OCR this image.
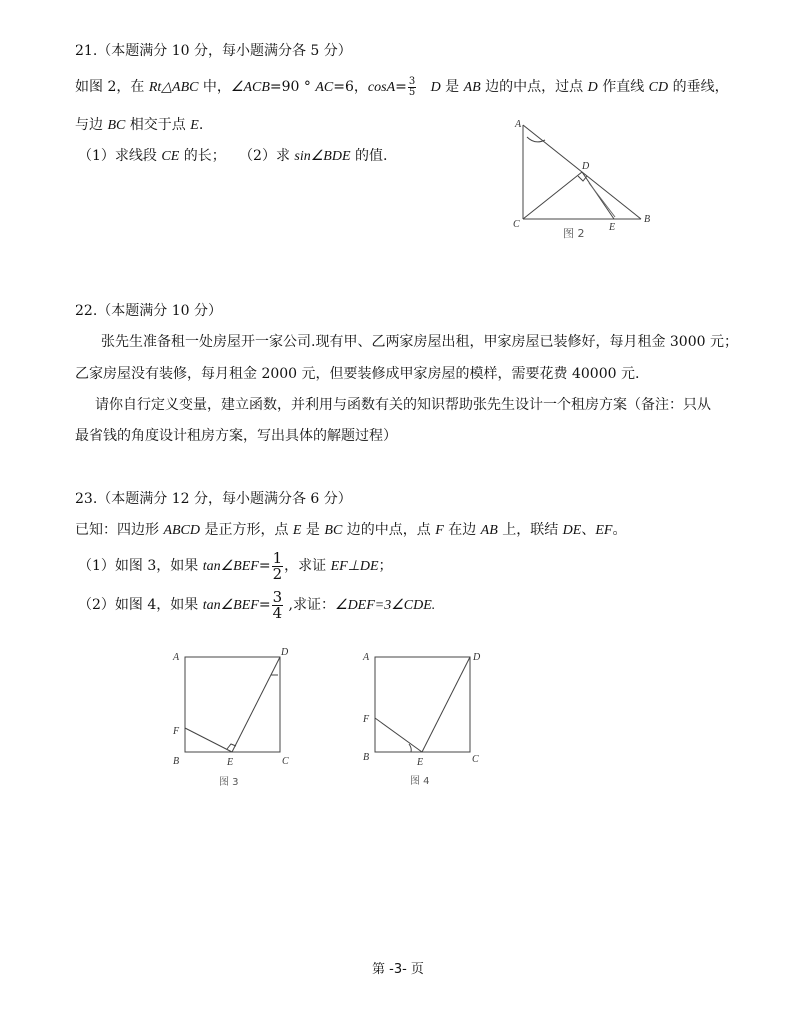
21.（本题满分 10 分，每小题满分各 5 分）
如图 2，在 Rt△ABC 中，∠ACB=90 ° AC=6，$\cos A= \frac{3}{5}$ D 是 AB 边的中点，过点 D 作直线 CD 的垂线，
与边 BC 相交于点 E.
（1）求线段 CE 的长； （2）求 sin∠BDE 的值.
A
D
C	E
B
图 2
22.（本题满分 10 分）
张先生准备租一处房屋开一家公司.现有甲、乙两家房屋出租，甲家房屋已装修好，每月租金 3000 元；
乙家房屋没有装修，每月租金 2000 元，但要装修成甲家房屋的模样，需要花费 40000 元.
请你自行定义变量，建立函数，并利用与函数有关的知识帮助张先生设计一个租房方案（备注：只从
最省钱的角度设计租房方案，写出具体的解题过程）
23.（本题满分 12 分，每小题满分各 6 分）
已知：四边形 ABCD 是正方形，点 E 是 BC 边的中点，点 F 在边 AB 上，联结 DE、EF。
（1）如图 3，如果 tan∠BEF= $\frac{1}{2}$ ，求证 EF⊥DE；
（2）如图 4，如果 tan∠BEF= $\frac{3}{4}$ ,求证：∠DEF=3∠CDE.
A	D
F
B	E	C
图 3
A	D
F
B	E	C
图 4
第 -3- 页
